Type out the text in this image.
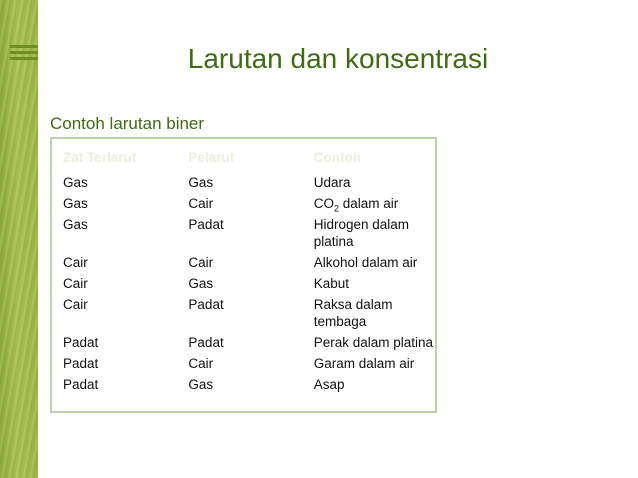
Larutan dan konsentrasi
Contoh larutan biner
Zat Terlarut	Pelarut	Contoh
Gas	Gas	Udara
Gas	Cair	$CO_2$ dalam air
Gas	Padat	Hidrogen dalam platina
Cair	Cair	Alkohol dalam air
Cair	Gas	Kabut
Cair	Padat	Raksa dalam tembaga
Padat	Padat	Perak dalam platina
Padat	Cair	Garam dalam air
Padat	Gas	Asap
